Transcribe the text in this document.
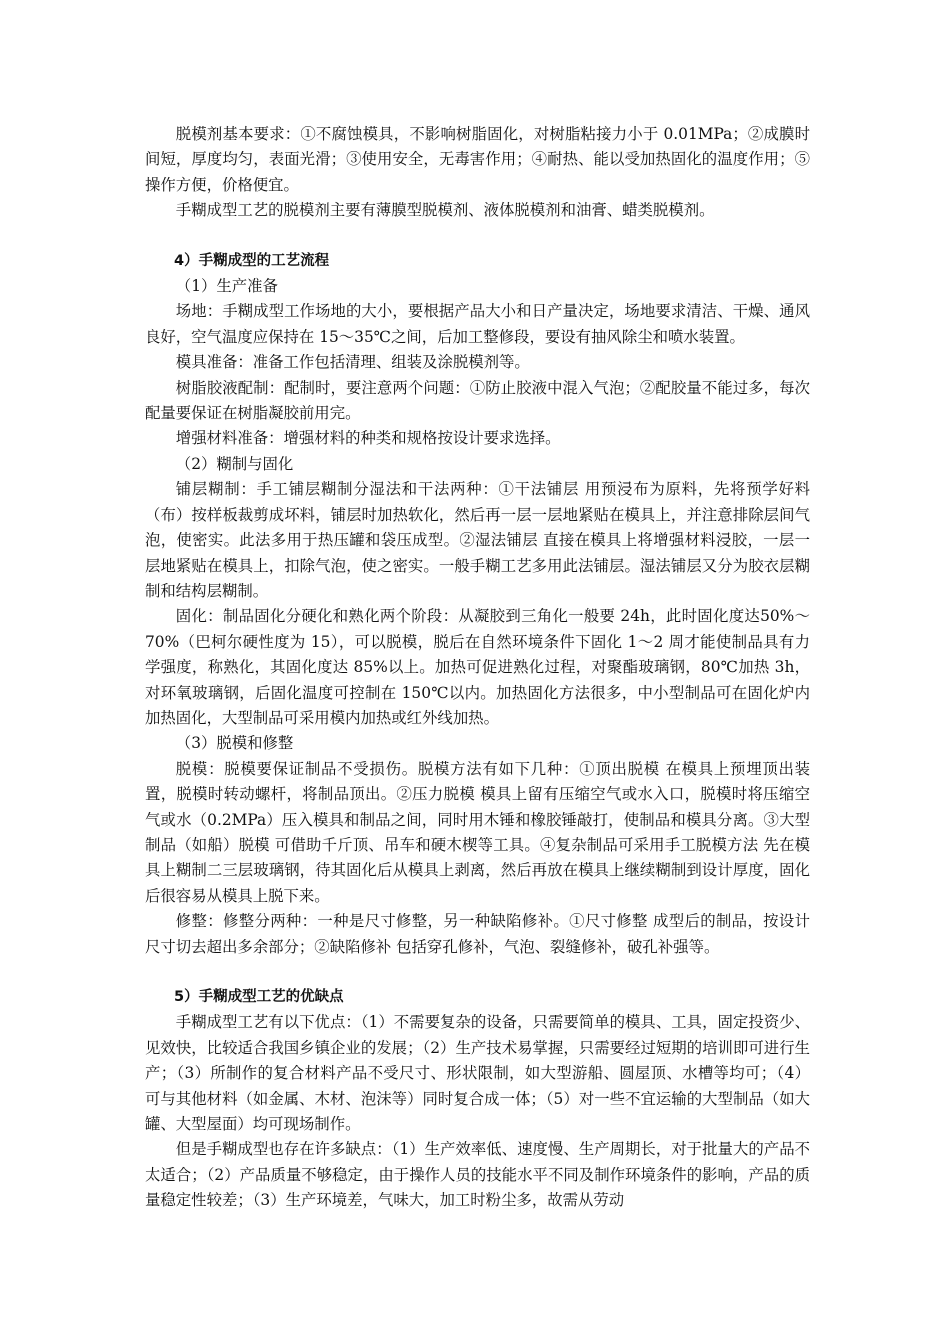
脱模剂基本要求：①不腐蚀模具，不影响树脂固化，对树脂粘接力小于 0.01MPa；②成膜时间短，厚度均匀，表面光滑；③使用安全，无毒害作用；④耐热、能以受加热固化的温度作用；⑤操作方便，价格便宜。

手糊成型工艺的脱模剂主要有薄膜型脱模剂、液体脱模剂和油膏、蜡类脱模剂。

4）手糊成型的工艺流程

（1）生产准备

场地：手糊成型工作场地的大小，要根据产品大小和日产量决定，场地要求清洁、干燥、通风良好，空气温度应保持在 15～35℃之间，后加工整修段，要设有抽风除尘和喷水装置。

模具准备：准备工作包括清理、组装及涂脱模剂等。

树脂胶液配制：配制时，要注意两个问题：①防止胶液中混入气泡；②配胶量不能过多，每次配量要保证在树脂凝胶前用完。

增强材料准备：增强材料的种类和规格按设计要求选择。

（2）糊制与固化

铺层糊制：手工铺层糊制分湿法和干法两种：①干法铺层 用预浸布为原料，先将预学好料（布）按样板裁剪成坏料，铺层时加热软化，然后再一层一层地紧贴在模具上，并注意排除层间气泡，使密实。此法多用于热压罐和袋压成型。②湿法铺层 直接在模具上将增强材料浸胶，一层一层地紧贴在模具上，扣除气泡，使之密实。一般手糊工艺多用此法铺层。湿法铺层又分为胶衣层糊制和结构层糊制。

固化：制品固化分硬化和熟化两个阶段：从凝胶到三角化一般要 24h，此时固化度达50%～70%（巴柯尔硬性度为 15），可以脱模，脱后在自然环境条件下固化 1～2 周才能使制品具有力学强度，称熟化，其固化度达 85%以上。加热可促进熟化过程，对聚酯玻璃钢，80℃加热 3h，对环氧玻璃钢，后固化温度可控制在 150℃以内。加热固化方法很多，中小型制品可在固化炉内加热固化，大型制品可采用模内加热或红外线加热。

（3）脱模和修整

脱模：脱模要保证制品不受损伤。脱模方法有如下几种：①顶出脱模 在模具上预埋顶出装置，脱模时转动螺杆，将制品顶出。②压力脱模 模具上留有压缩空气或水入口，脱模时将压缩空气或水（0.2MPa）压入模具和制品之间，同时用木锤和橡胶锤敲打，使制品和模具分离。③大型制品（如船）脱模 可借助千斤顶、吊车和硬木楔等工具。④复杂制品可采用手工脱模方法 先在模具上糊制二三层玻璃钢，待其固化后从模具上剥离，然后再放在模具上继续糊制到设计厚度，固化后很容易从模具上脱下来。

修整：修整分两种：一种是尺寸修整，另一种缺陷修补。①尺寸修整 成型后的制品，按设计尺寸切去超出多余部分；②缺陷修补 包括穿孔修补，气泡、裂缝修补，破孔补强等。

5）手糊成型工艺的优缺点

手糊成型工艺有以下优点：（1）不需要复杂的设备，只需要简单的模具、工具，固定投资少、见效快，比较适合我国乡镇企业的发展；（2）生产技术易掌握，只需要经过短期的培训即可进行生产；（3）所制作的复合材料产品不受尺寸、形状限制，如大型游船、圆屋顶、水槽等均可；（4）可与其他材料（如金属、木材、泡沫等）同时复合成一体；（5）对一些不宜运输的大型制品（如大罐、大型屋面）均可现场制作。

但是手糊成型也存在许多缺点：（1）生产效率低、速度慢、生产周期长，对于批量大的产品不太适合；（2）产品质量不够稳定，由于操作人员的技能水平不同及制作环境条件的影响，产品的质量稳定性较差；（3）生产环境差，气味大，加工时粉尘多，故需从劳动
